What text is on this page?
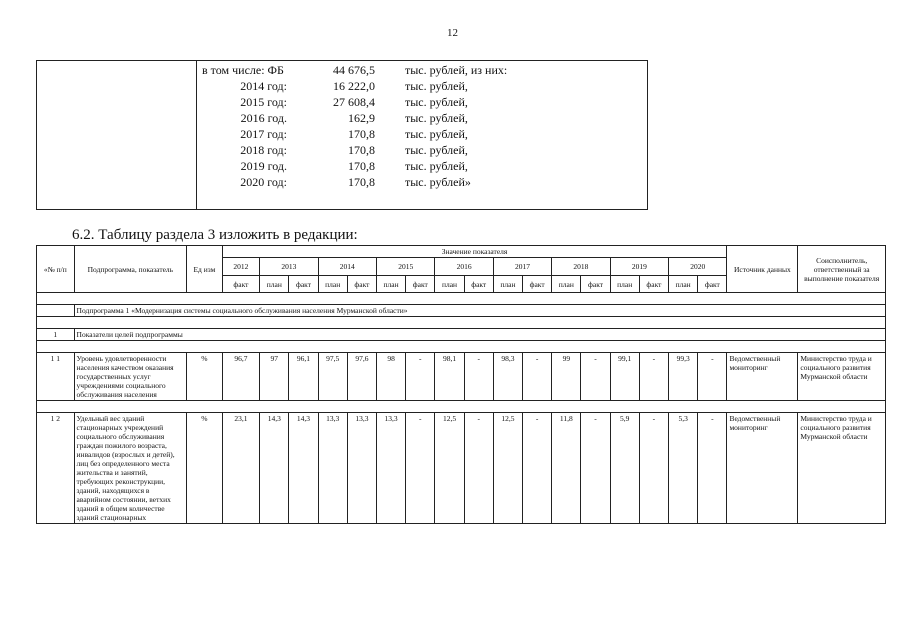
12
в том числе: ФБ	44 676,5	тыс. рублей, из них:
2014 год:	16 222,0	тыс. рублей,
2015 год:	27 608,4	тыс. рублей,
2016 год.	162,9	тыс. рублей,
2017 год:	170,8	тыс. рублей,
2018 год:	170,8	тыс. рублей,
2019 год.	170,8	тыс. рублей,
2020 год:	170,8	тыс. рублей»
6.2. Таблицу раздела 3 изложить в редакции:
«№ п/п	Подпрограмма, показатель	Ед изм	Значение показателя																	Источник данных	Соисполнитель, ответственный за выполнение показателя
			2012	2013		2014		2015		2016		2017		2018		2019		2020			
			факт	план	факт	план	факт	план	факт	план	факт	план	факт	план	факт	план	факт	план	факт		

	Подпрограмма 1 «Модернизация системы социального обслуживания населения Мурманской области»																				

1	Показатели целей подпрограммы																				

1 1	Уровень удовлетворенности населения качеством оказания государственных услуг учреждениями социального обслуживания населения	%	96,7	97	96,1	97,5	97,6	98	-	98,1	-	98,3	-	99	-	99,1	-	99,3	-	Ведомственный мониторинг	Министерство труда и социального развития Мурманской области

1 2	Удельный вес зданий стационарных учреждений социального обслуживания граждан пожилого возраста, инвалидов (взрослых и детей), лиц без определенного места жительства и занятий, требующих реконструкции, зданий, находящихся в аварийном состоянии, ветхих зданий в общем количестве зданий стационарных	%	23,1	14,3	14,3	13,3	13,3	13,3	-	12,5	-	12,5	-	11,8	-	5,9	-	5,3	-	Ведомственный мониторинг	Министерство труда и социального развития Мурманской области
